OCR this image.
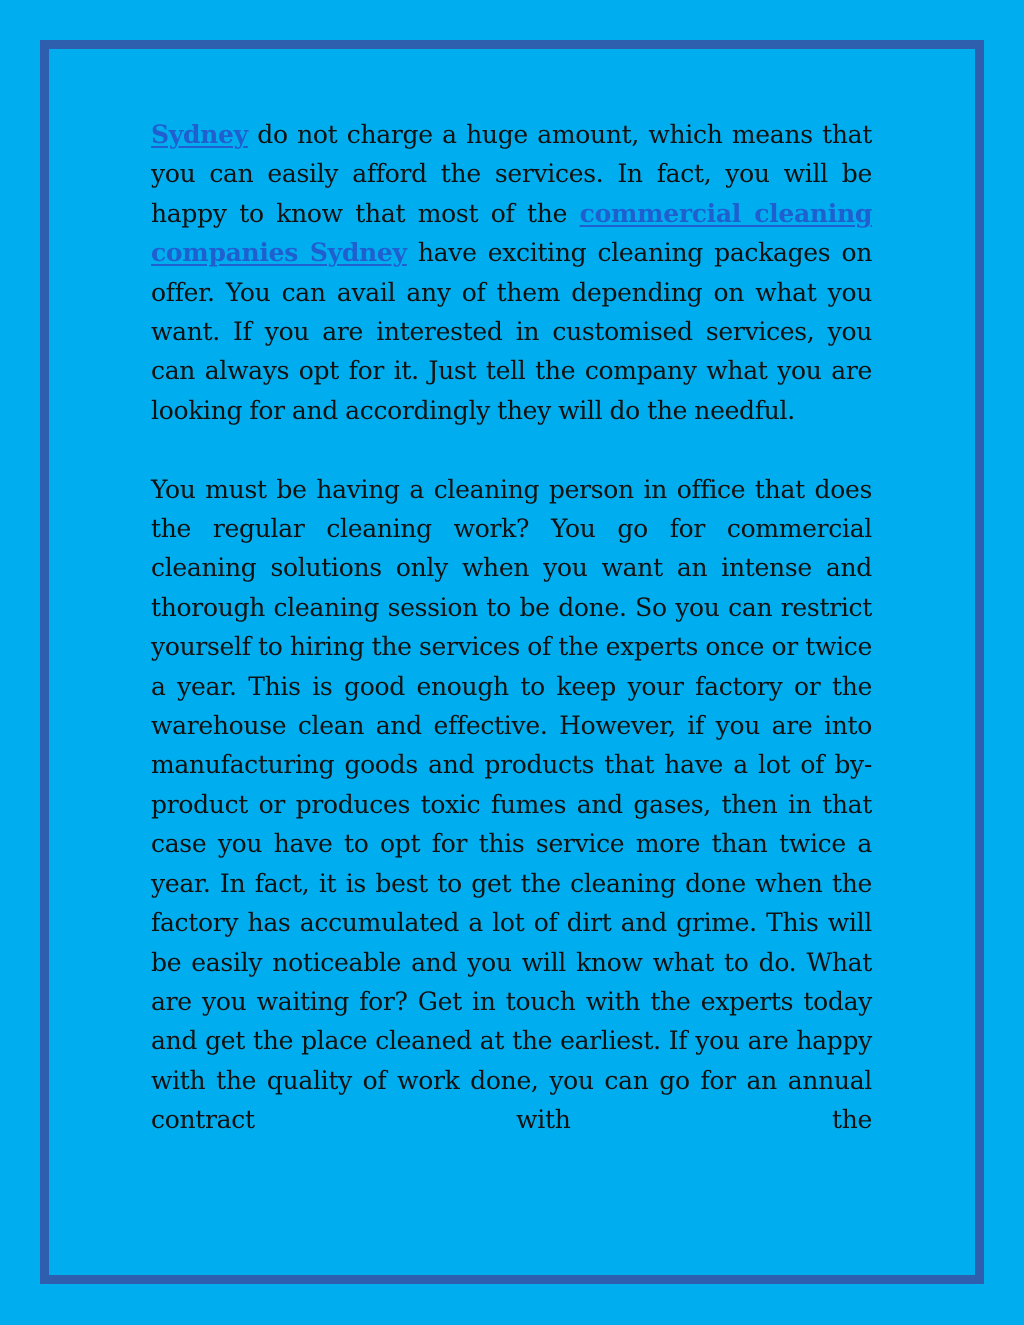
Sydney do not charge a huge amount, which means that you can easily afford the services. In fact, you will be happy to know that most of the commercial cleaning companies Sydney have exciting cleaning packages on offer. You can avail any of them depending on what you want. If you are interested in customised services, you can always opt for it. Just tell the company what you are looking for and accordingly they will do the needful.

You must be having a cleaning person in office that does the regular cleaning work? You go for commercial cleaning solutions only when you want an intense and thorough cleaning session to be done. So you can restrict yourself to hiring the services of the experts once or twice a year. This is good enough to keep your factory or the warehouse clean and effective. However, if you are into manufacturing goods and products that have a lot of by-product or produces toxic fumes and gases, then in that case you have to opt for this service more than twice a year. In fact, it is best to get the cleaning done when the factory has accumulated a lot of dirt and grime. This will be easily noticeable and you will know what to do. What are you waiting for? Get in touch with the experts today and get the place cleaned at the earliest. If you are happy with the quality of work done, you can go for an annual contract with the
